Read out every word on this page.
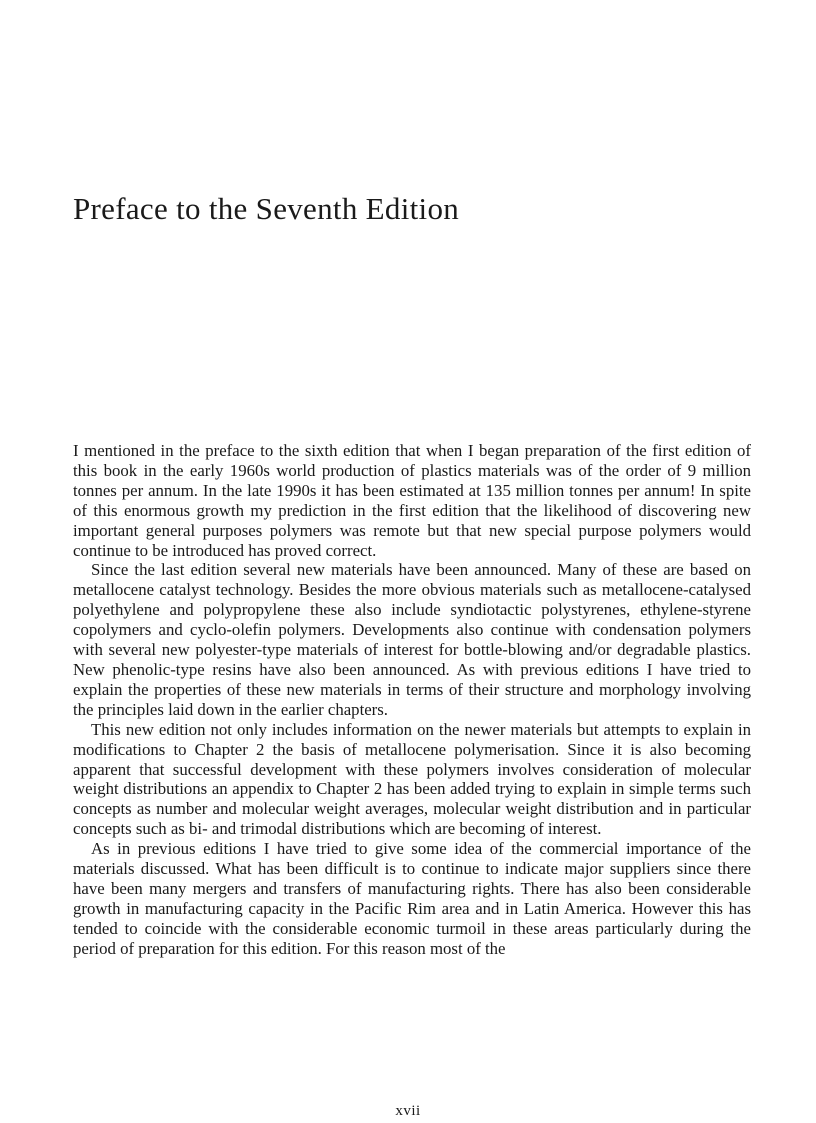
Preface to the Seventh Edition

I mentioned in the preface to the sixth edition that when I began preparation of the first edition of this book in the early 1960s world production of plastics materials was of the order of 9 million tonnes per annum. In the late 1990s it has been estimated at 135 million tonnes per annum! In spite of this enormous growth my prediction in the first edition that the likelihood of discovering new important general purposes polymers was remote but that new special purpose polymers would continue to be introduced has proved correct.

Since the last edition several new materials have been announced. Many of these are based on metallocene catalyst technology. Besides the more obvious materials such as metallocene-catalysed polyethylene and polypropylene these also include syndiotactic polystyrenes, ethylene-styrene copolymers and cyclo-olefin polymers. Developments also continue with condensation polymers with several new polyester-type materials of interest for bottle-blowing and/or degradable plastics. New phenolic-type resins have also been announced. As with previous editions I have tried to explain the properties of these new materials in terms of their structure and morphology involving the principles laid down in the earlier chapters.

This new edition not only includes information on the newer materials but attempts to explain in modifications to Chapter 2 the basis of metallocene polymerisation. Since it is also becoming apparent that successful development with these polymers involves consideration of molecular weight distributions an appendix to Chapter 2 has been added trying to explain in simple terms such concepts as number and molecular weight averages, molecular weight distribution and in particular concepts such as bi- and trimodal distributions which are becoming of interest.

As in previous editions I have tried to give some idea of the commercial importance of the materials discussed. What has been difficult is to continue to indicate major suppliers since there have been many mergers and transfers of manufacturing rights. There has also been considerable growth in manufacturing capacity in the Pacific Rim area and in Latin America. However this has tended to coincide with the considerable economic turmoil in these areas particularly during the period of preparation for this edition. For this reason most of the

xvii
